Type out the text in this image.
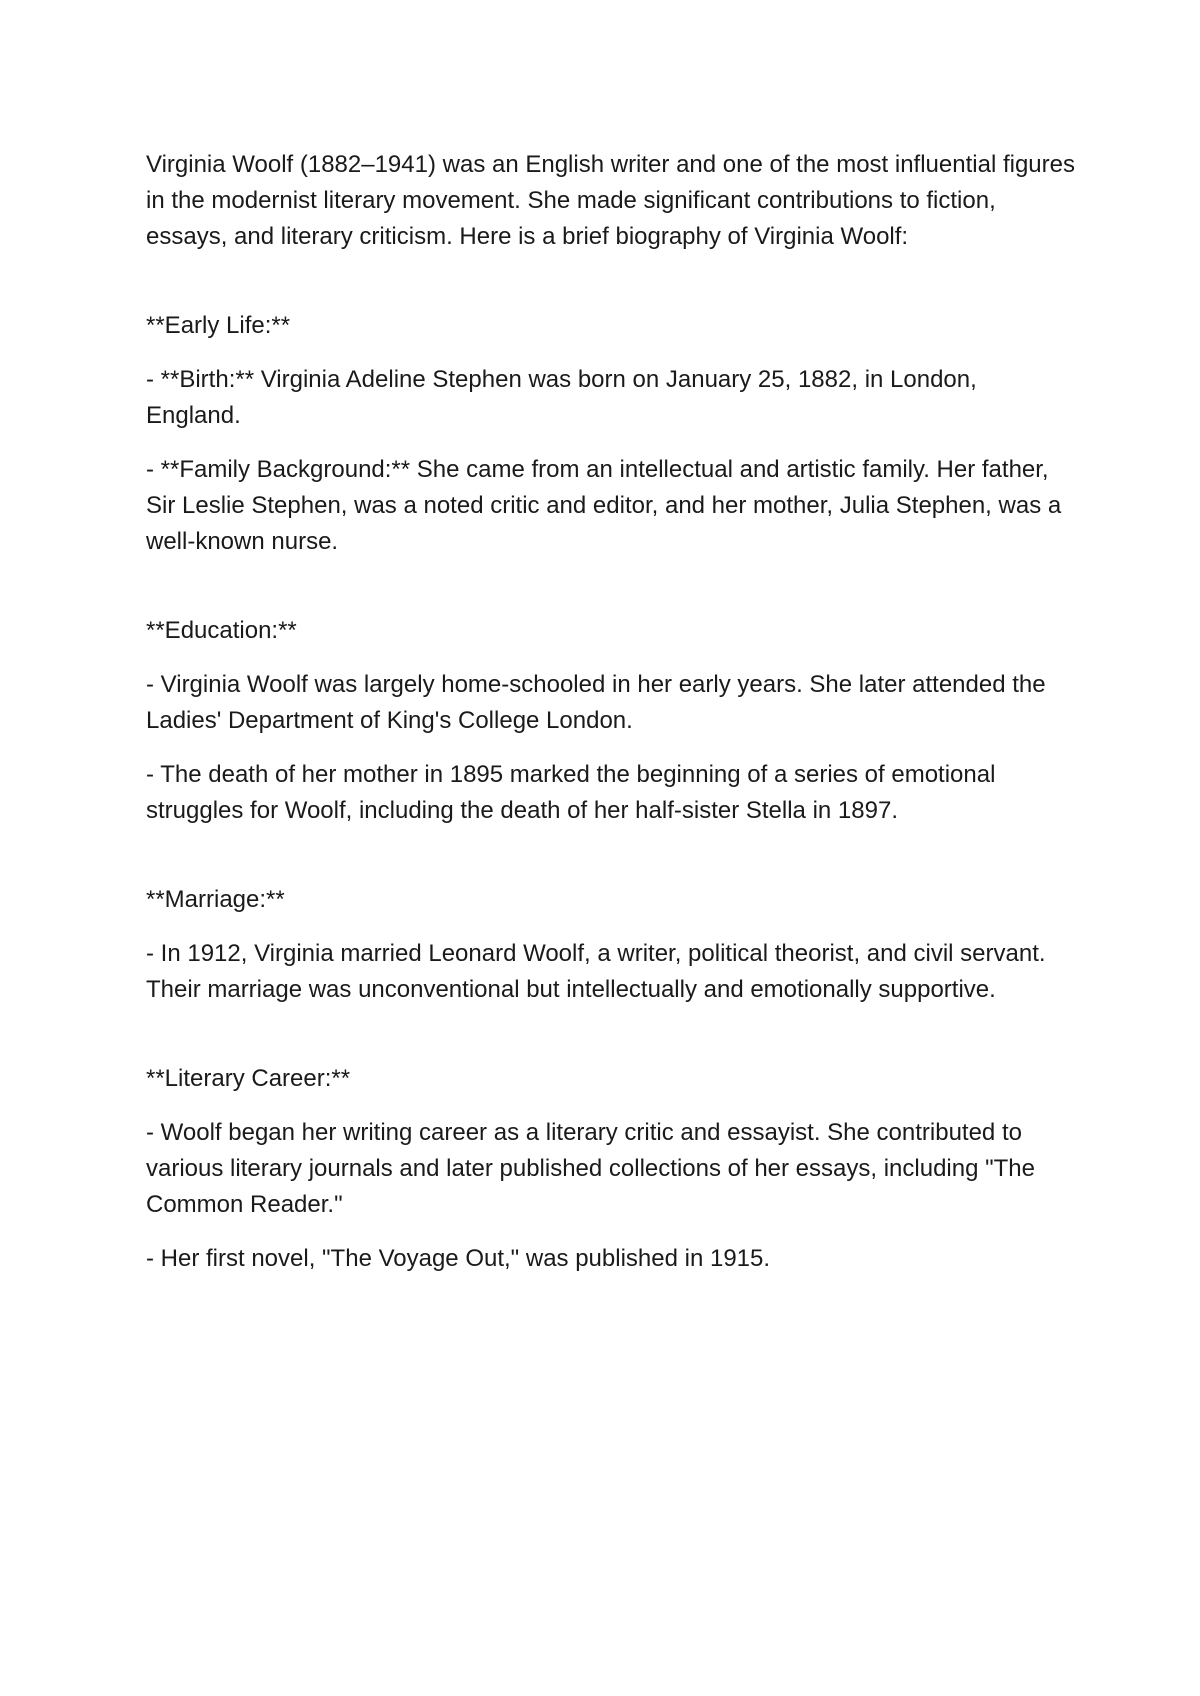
Virginia Woolf (1882–1941) was an English writer and one of the most influential figures in the modernist literary movement. She made significant contributions to fiction, essays, and literary criticism. Here is a brief biography of Virginia Woolf:

**Early Life:**

- **Birth:** Virginia Adeline Stephen was born on January 25, 1882, in London, England.

- **Family Background:** She came from an intellectual and artistic family. Her father, Sir Leslie Stephen, was a noted critic and editor, and her mother, Julia Stephen, was a well-known nurse.

**Education:**

- Virginia Woolf was largely home-schooled in her early years. She later attended the Ladies' Department of King's College London.

- The death of her mother in 1895 marked the beginning of a series of emotional struggles for Woolf, including the death of her half-sister Stella in 1897.

**Marriage:**

- In 1912, Virginia married Leonard Woolf, a writer, political theorist, and civil servant. Their marriage was unconventional but intellectually and emotionally supportive.

**Literary Career:**

- Woolf began her writing career as a literary critic and essayist. She contributed to various literary journals and later published collections of her essays, including "The Common Reader."

- Her first novel, "The Voyage Out," was published in 1915.
